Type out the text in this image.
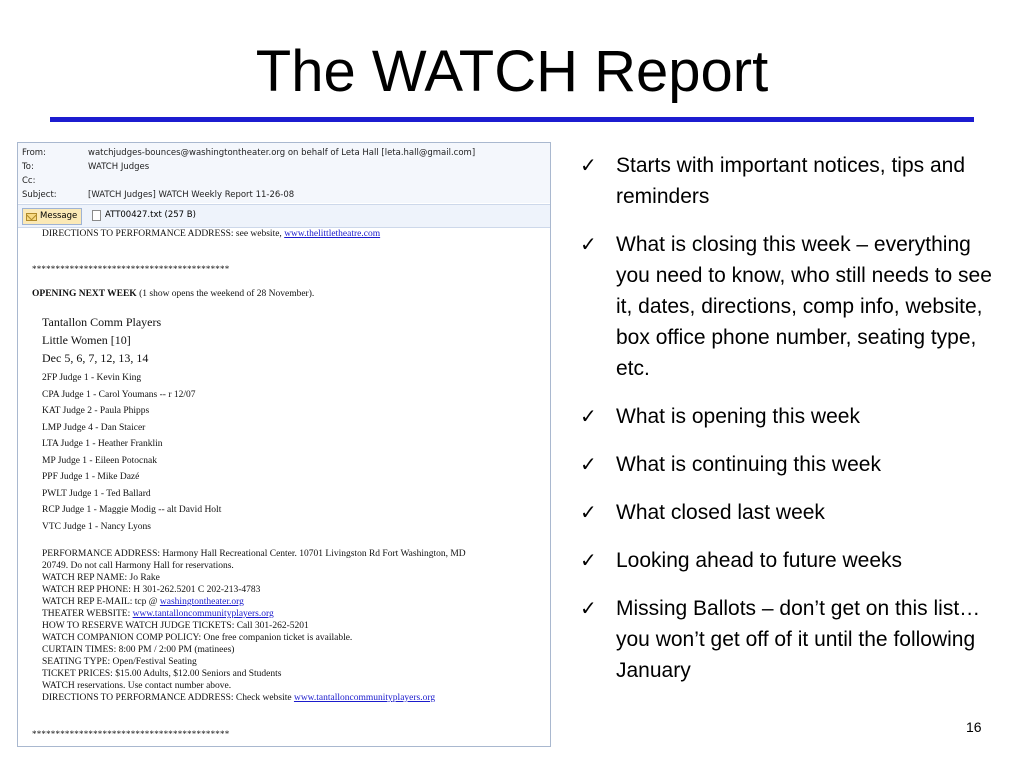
The WATCH Report
From:	watchjudges-bounces@washingtontheater.org on behalf of Leta Hall [leta.hall@gmail.com]
To:	WATCH Judges
Cc:
Subject:	[WATCH Judges] WATCH Weekly Report 11-26-08
Message	ATT00427.txt (257 B)
DIRECTIONS TO PERFORMANCE ADDRESS: see website, www.thelittletheatre.com
******************************************
OPENING NEXT WEEK (1 show opens the weekend of 28 November).
Tantallon Comm Players
Little Women [10]
Dec 5, 6, 7, 12, 13, 14
2FP Judge 1 - Kevin King
CPA Judge 1 - Carol Youmans -- r 12/07
KAT Judge 2 - Paula Phipps
LMP Judge 4 - Dan Staicer
LTA Judge 1 - Heather Franklin
MP Judge 1 - Eileen Potocnak
PPF Judge 1 - Mike Dazé
PWLT Judge 1 - Ted Ballard
RCP Judge 1 - Maggie Modig -- alt David Holt
VTC Judge 1 - Nancy Lyons
PERFORMANCE ADDRESS: Harmony Hall Recreational Center. 10701 Livingston Rd Fort Washington, MD
20749. Do not call Harmony Hall for reservations.
WATCH REP NAME: Jo Rake
WATCH REP PHONE: H 301-262.5201 C 202-213-4783
WATCH REP E-MAIL: tcp @ washingtontheater.org
THEATER WEBSITE: www.tantalloncommunityplayers.org
HOW TO RESERVE WATCH JUDGE TICKETS: Call 301-262-5201
WATCH COMPANION COMP POLICY: One free companion ticket is available.
CURTAIN TIMES: 8:00 PM / 2:00 PM (matinees)
SEATING TYPE: Open/Festival Seating
TICKET PRICES: $15.00 Adults, $12.00 Seniors and Students
WATCH reservations. Use contact number above.
DIRECTIONS TO PERFORMANCE ADDRESS: Check website www.tantalloncommunityplayers.org
******************************************
✓ Starts with important notices, tips and reminders
✓ What is closing this week – everything you need to know, who still needs to see it, dates, directions, comp info, website, box office phone number, seating type, etc.
✓ What is opening this week
✓ What is continuing this week
✓ What closed last week
✓ Looking ahead to future weeks
✓ Missing Ballots – don’t get on this list… you won’t get off of it until the following January
16
